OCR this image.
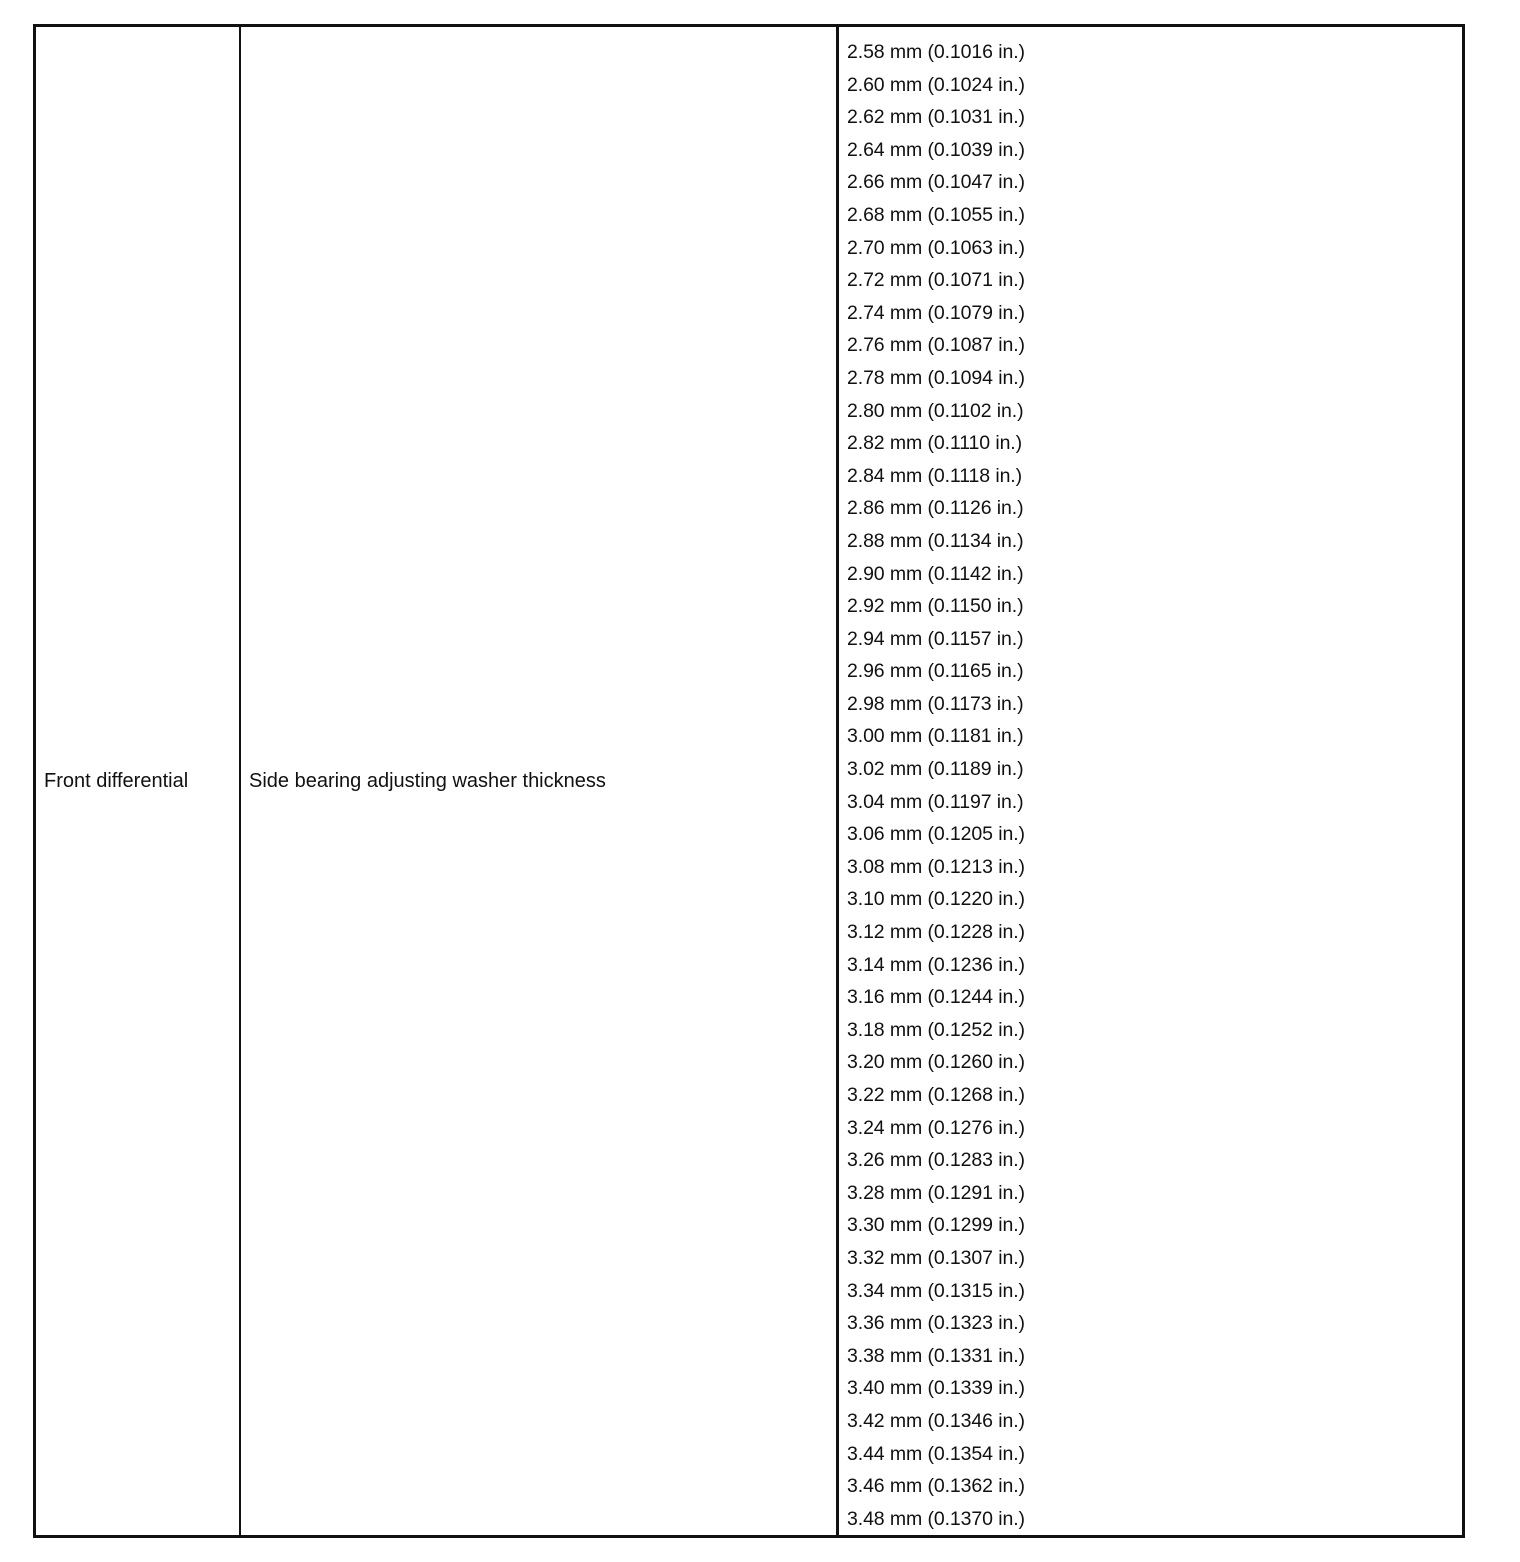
Front differential	Side bearing adjusting washer thickness
2.58 mm (0.1016 in.)
2.60 mm (0.1024 in.)
2.62 mm (0.1031 in.)
2.64 mm (0.1039 in.)
2.66 mm (0.1047 in.)
2.68 mm (0.1055 in.)
2.70 mm (0.1063 in.)
2.72 mm (0.1071 in.)
2.74 mm (0.1079 in.)
2.76 mm (0.1087 in.)
2.78 mm (0.1094 in.)
2.80 mm (0.1102 in.)
2.82 mm (0.1110 in.)
2.84 mm (0.1118 in.)
2.86 mm (0.1126 in.)
2.88 mm (0.1134 in.)
2.90 mm (0.1142 in.)
2.92 mm (0.1150 in.)
2.94 mm (0.1157 in.)
2.96 mm (0.1165 in.)
2.98 mm (0.1173 in.)
3.00 mm (0.1181 in.)
3.02 mm (0.1189 in.)
3.04 mm (0.1197 in.)
3.06 mm (0.1205 in.)
3.08 mm (0.1213 in.)
3.10 mm (0.1220 in.)
3.12 mm (0.1228 in.)
3.14 mm (0.1236 in.)
3.16 mm (0.1244 in.)
3.18 mm (0.1252 in.)
3.20 mm (0.1260 in.)
3.22 mm (0.1268 in.)
3.24 mm (0.1276 in.)
3.26 mm (0.1283 in.)
3.28 mm (0.1291 in.)
3.30 mm (0.1299 in.)
3.32 mm (0.1307 in.)
3.34 mm (0.1315 in.)
3.36 mm (0.1323 in.)
3.38 mm (0.1331 in.)
3.40 mm (0.1339 in.)
3.42 mm (0.1346 in.)
3.44 mm (0.1354 in.)
3.46 mm (0.1362 in.)
3.48 mm (0.1370 in.)
